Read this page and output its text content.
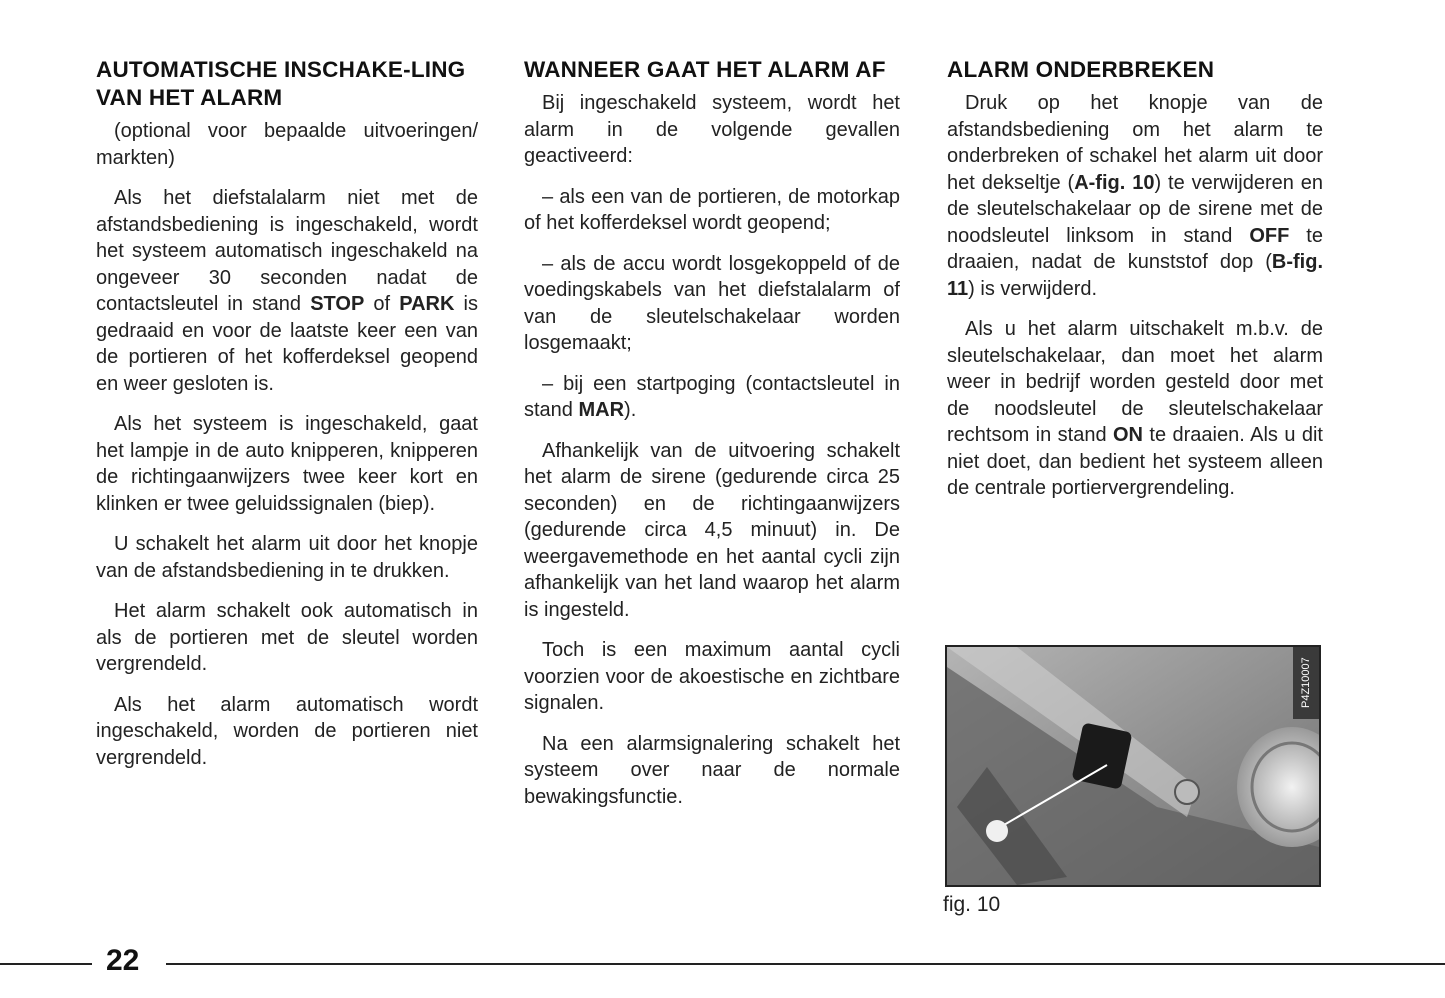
AUTOMATISCHE INSCHAKE-LING VAN HET ALARM

(optional voor bepaalde uitvoeringen/ markten)

Als het diefstalalarm niet met de afstandsbediening is ingeschakeld, wordt het systeem automatisch ingeschakeld na ongeveer 30 seconden nadat de contactsleutel in stand STOP of PARK is gedraaid en voor de laatste keer een van de portieren of het kofferdeksel geopend en weer gesloten is.

Als het systeem is ingeschakeld, gaat het lampje in de auto knipperen, knipperen de richtingaanwijzers twee keer kort en klinken er twee geluidssignalen (biep).

U schakelt het alarm uit door het knopje van de afstandsbediening in te drukken.

Het alarm schakelt ook automatisch in als de portieren met de sleutel worden vergrendeld.

Als het alarm automatisch wordt ingeschakeld, worden de portieren niet vergrendeld.

WANNEER GAAT HET ALARM AF

Bij ingeschakeld systeem, wordt het alarm in de volgende gevallen geactiveerd:

– als een van de portieren, de motorkap of het kofferdeksel wordt geopend;

– als de accu wordt losgekoppeld of de voedingskabels van het diefstalalarm of van de sleutelschakelaar worden losgemaakt;

– bij een startpoging (contactsleutel in stand MAR).

Afhankelijk van de uitvoering schakelt het alarm de sirene (gedurende circa 25 seconden) en de richtingaanwijzers (gedurende circa 4,5 minuut) in. De weergavemethode en het aantal cycli zijn afhankelijk van het land waarop het alarm is ingesteld.

Toch is een maximum aantal cycli voorzien voor de akoestische en zichtbare signalen.

Na een alarmsignalering schakelt het systeem over naar de normale bewakingsfunctie.

ALARM ONDERBREKEN

Druk op het knopje van de afstandsbediening om het alarm te onderbreken of schakel het alarm uit door het dekseltje (A-fig. 10) te verwijderen en de sleutelschakelaar op de sirene met de noodsleutel linksom in stand OFF te draaien, nadat de kunststof dop (B-fig. 11) is verwijderd.

Als u het alarm uitschakelt m.b.v. de sleutelschakelaar, dan moet het alarm weer in bedrijf worden gesteld door met de noodsleutel de sleutelschakelaar rechtsom in stand ON te draaien. Als u dit niet doet, dan bedient het systeem alleen de centrale portiervergrendeling.

P4Z10007
fig. 10
22
